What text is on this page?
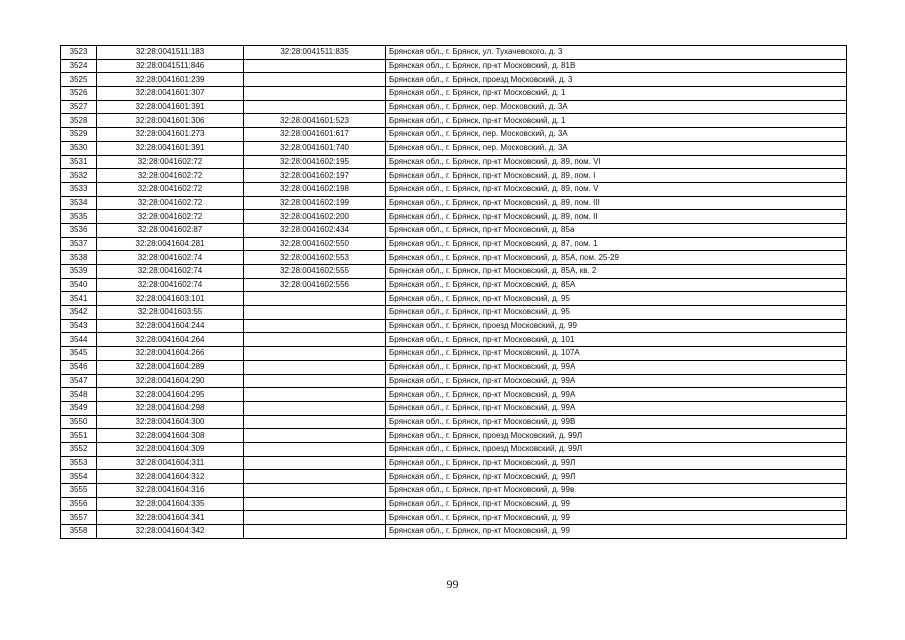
3523	32:28:0041511:183	32:28:0041511:835	Брянская обл., г. Брянск, ул. Тухачевского, д. 3
3524	32:28:0041511:846		Брянская обл., г. Брянск, пр-кт Московский, д. 81В
3525	32:28:0041601:239		Брянская обл., г. Брянск, проезд Московский, д. 3
3526	32:28:0041601:307		Брянская обл., г. Брянск, пр-кт Московский, д. 1
3527	32:28:0041601:391		Брянская обл., г. Брянск, пер. Московский, д. 3А
3528	32:28:0041601:306	32:28:0041601:523	Брянская обл., г. Брянск, пр-кт Московский, д. 1
3529	32:28:0041601:273	32:28:0041601:617	Брянская обл., г. Брянск, пер. Московский, д. 3А
3530	32:28:0041601:391	32:28:0041601:740	Брянская обл., г. Брянск, пер. Московский, д. 3А
3531	32:28:0041602:72	32:28:0041602:195	Брянская обл., г. Брянск, пр-кт Московский, д. 89, пом. VI
3532	32:28:0041602:72	32:28:0041602:197	Брянская обл., г. Брянск, пр-кт Московский, д. 89, пом. I
3533	32:28:0041602:72	32:28:0041602:198	Брянская обл., г. Брянск, пр-кт Московский, д. 89, пом. V
3534	32:28:0041602:72	32:28:0041602:199	Брянская обл., г. Брянск, пр-кт Московский, д. 89, пом. III
3535	32:28:0041602:72	32:28:0041602:200	Брянская обл., г. Брянск, пр-кт Московский, д. 89, пом. II
3536	32:28:0041602:87	32:28:0041602:434	Брянская обл., г. Брянск, пр-кт Московский, д. 85а
3537	32:28:0041604:281	32:28:0041602:550	Брянская обл., г. Брянск, пр-кт Московский, д. 87, пом. 1
3538	32:28:0041602:74	32:28:0041602:553	Брянская обл., г. Брянск, пр-кт Московский, д. 85А, пом. 25-29
3539	32:28:0041602:74	32:28:0041602:555	Брянская обл., г. Брянск, пр-кт Московский, д. 85А, кв. 2
3540	32:28:0041602:74	32:28:0041602:556	Брянская обл., г. Брянск, пр-кт Московский, д. 85А
3541	32:28:0041603:101		Брянская обл., г. Брянск, пр-кт Московский, д. 95
3542	32:28:0041603:55		Брянская обл., г. Брянск, пр-кт Московский, д. 95
3543	32:28:0041604:244		Брянская обл., г. Брянск, проезд Московский, д. 99
3544	32:28:0041604:264		Брянская обл., г. Брянск, пр-кт Московский, д. 101
3545	32:28:0041604:266		Брянская обл., г. Брянск, пр-кт Московский, д. 107А
3546	32:28:0041604:289		Брянская обл., г. Брянск, пр-кт Московский, д. 99А
3547	32:28:0041604:290		Брянская обл., г. Брянск, пр-кт Московский, д. 99А
3548	32:28:0041604:295		Брянская обл., г. Брянск, пр-кт Московский, д. 99А
3549	32:28:0041604:298		Брянская обл., г. Брянск, пр-кт Московский, д. 99А
3550	32:28:0041604:300		Брянская обл., г. Брянск, пр-кт Московский, д. 99В
3551	32:28:0041604:308		Брянская обл., г. Брянск, проезд Московский, д. 99Л
3552	32:28:0041604:309		Брянская обл., г. Брянск, проезд Московский, д. 99Л
3553	32:28:0041604:311		Брянская обл., г. Брянск, пр-кт Московский, д. 99Л
3554	32:28:0041604:312		Брянская обл., г. Брянск, пр-кт Московский, д. 99Л
3555	32:28:0041604:316		Брянская обл., г. Брянск, пр-кт Московский, д. 99в
3556	32:28:0041604:335		Брянская обл., г. Брянск, пр-кт Московский, д. 99
3557	32:28:0041604:341		Брянская обл., г. Брянск, пр-кт Московский, д. 99
3558	32:28:0041604:342		Брянская обл., г. Брянск, пр-кт Московский, д. 99
99
